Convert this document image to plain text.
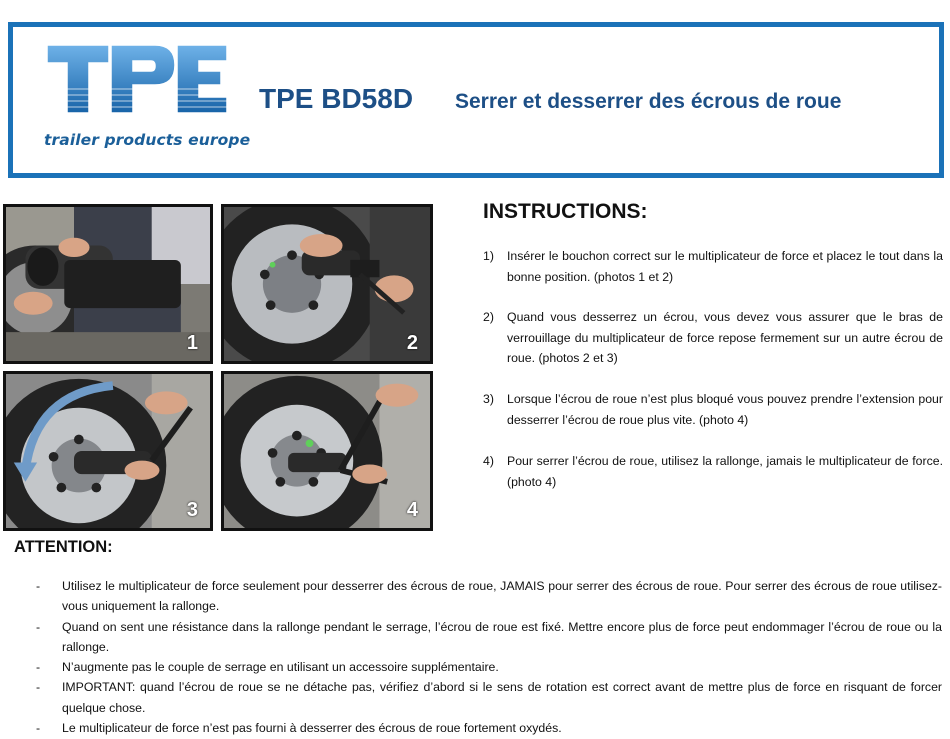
trailer products europe
TPE BD58D Serrer et desserrer des écrous de roue
1	2
3	4
INSTRUCTIONS:
1)	Insérer le bouchon correct sur le multiplicateur de force et placez le tout dans la bonne position. (photos 1 et 2)
2)	Quand vous desserrez un écrou, vous devez vous assurer que le bras de verrouillage du multiplicateur de force repose fermement sur un autre écrou de roue. (photos 2 et 3)
3)	Lorsque l’écrou de roue n’est plus bloqué vous pouvez prendre l’extension pour desserrer l’écrou de roue plus vite. (photo 4)
4)	Pour serrer l’écrou de roue, utilisez la rallonge, jamais le multiplicateur de force. (photo 4)
ATTENTION:
- Utilisez le multiplicateur de force seulement pour desserrer des écrous de roue, JAMAIS pour serrer des écrous de roue. Pour serrer des écrous de roue utilisez-vous uniquement la rallonge.
- Quand on sent une résistance dans la rallonge pendant le serrage, l’écrou de roue est fixé. Mettre encore plus de force peut endommager l’écrou de roue ou la rallonge.
- N’augmente pas le couple de serrage en utilisant un accessoire supplémentaire.
- IMPORTANT: quand l’écrou de roue se ne détache pas, vérifiez d’abord si le sens de rotation est correct avant de mettre plus de force en risquant de forcer quelque chose.
- Le multiplicateur de force n’est pas fourni à desserrer des écrous de roue fortement oxydés.
